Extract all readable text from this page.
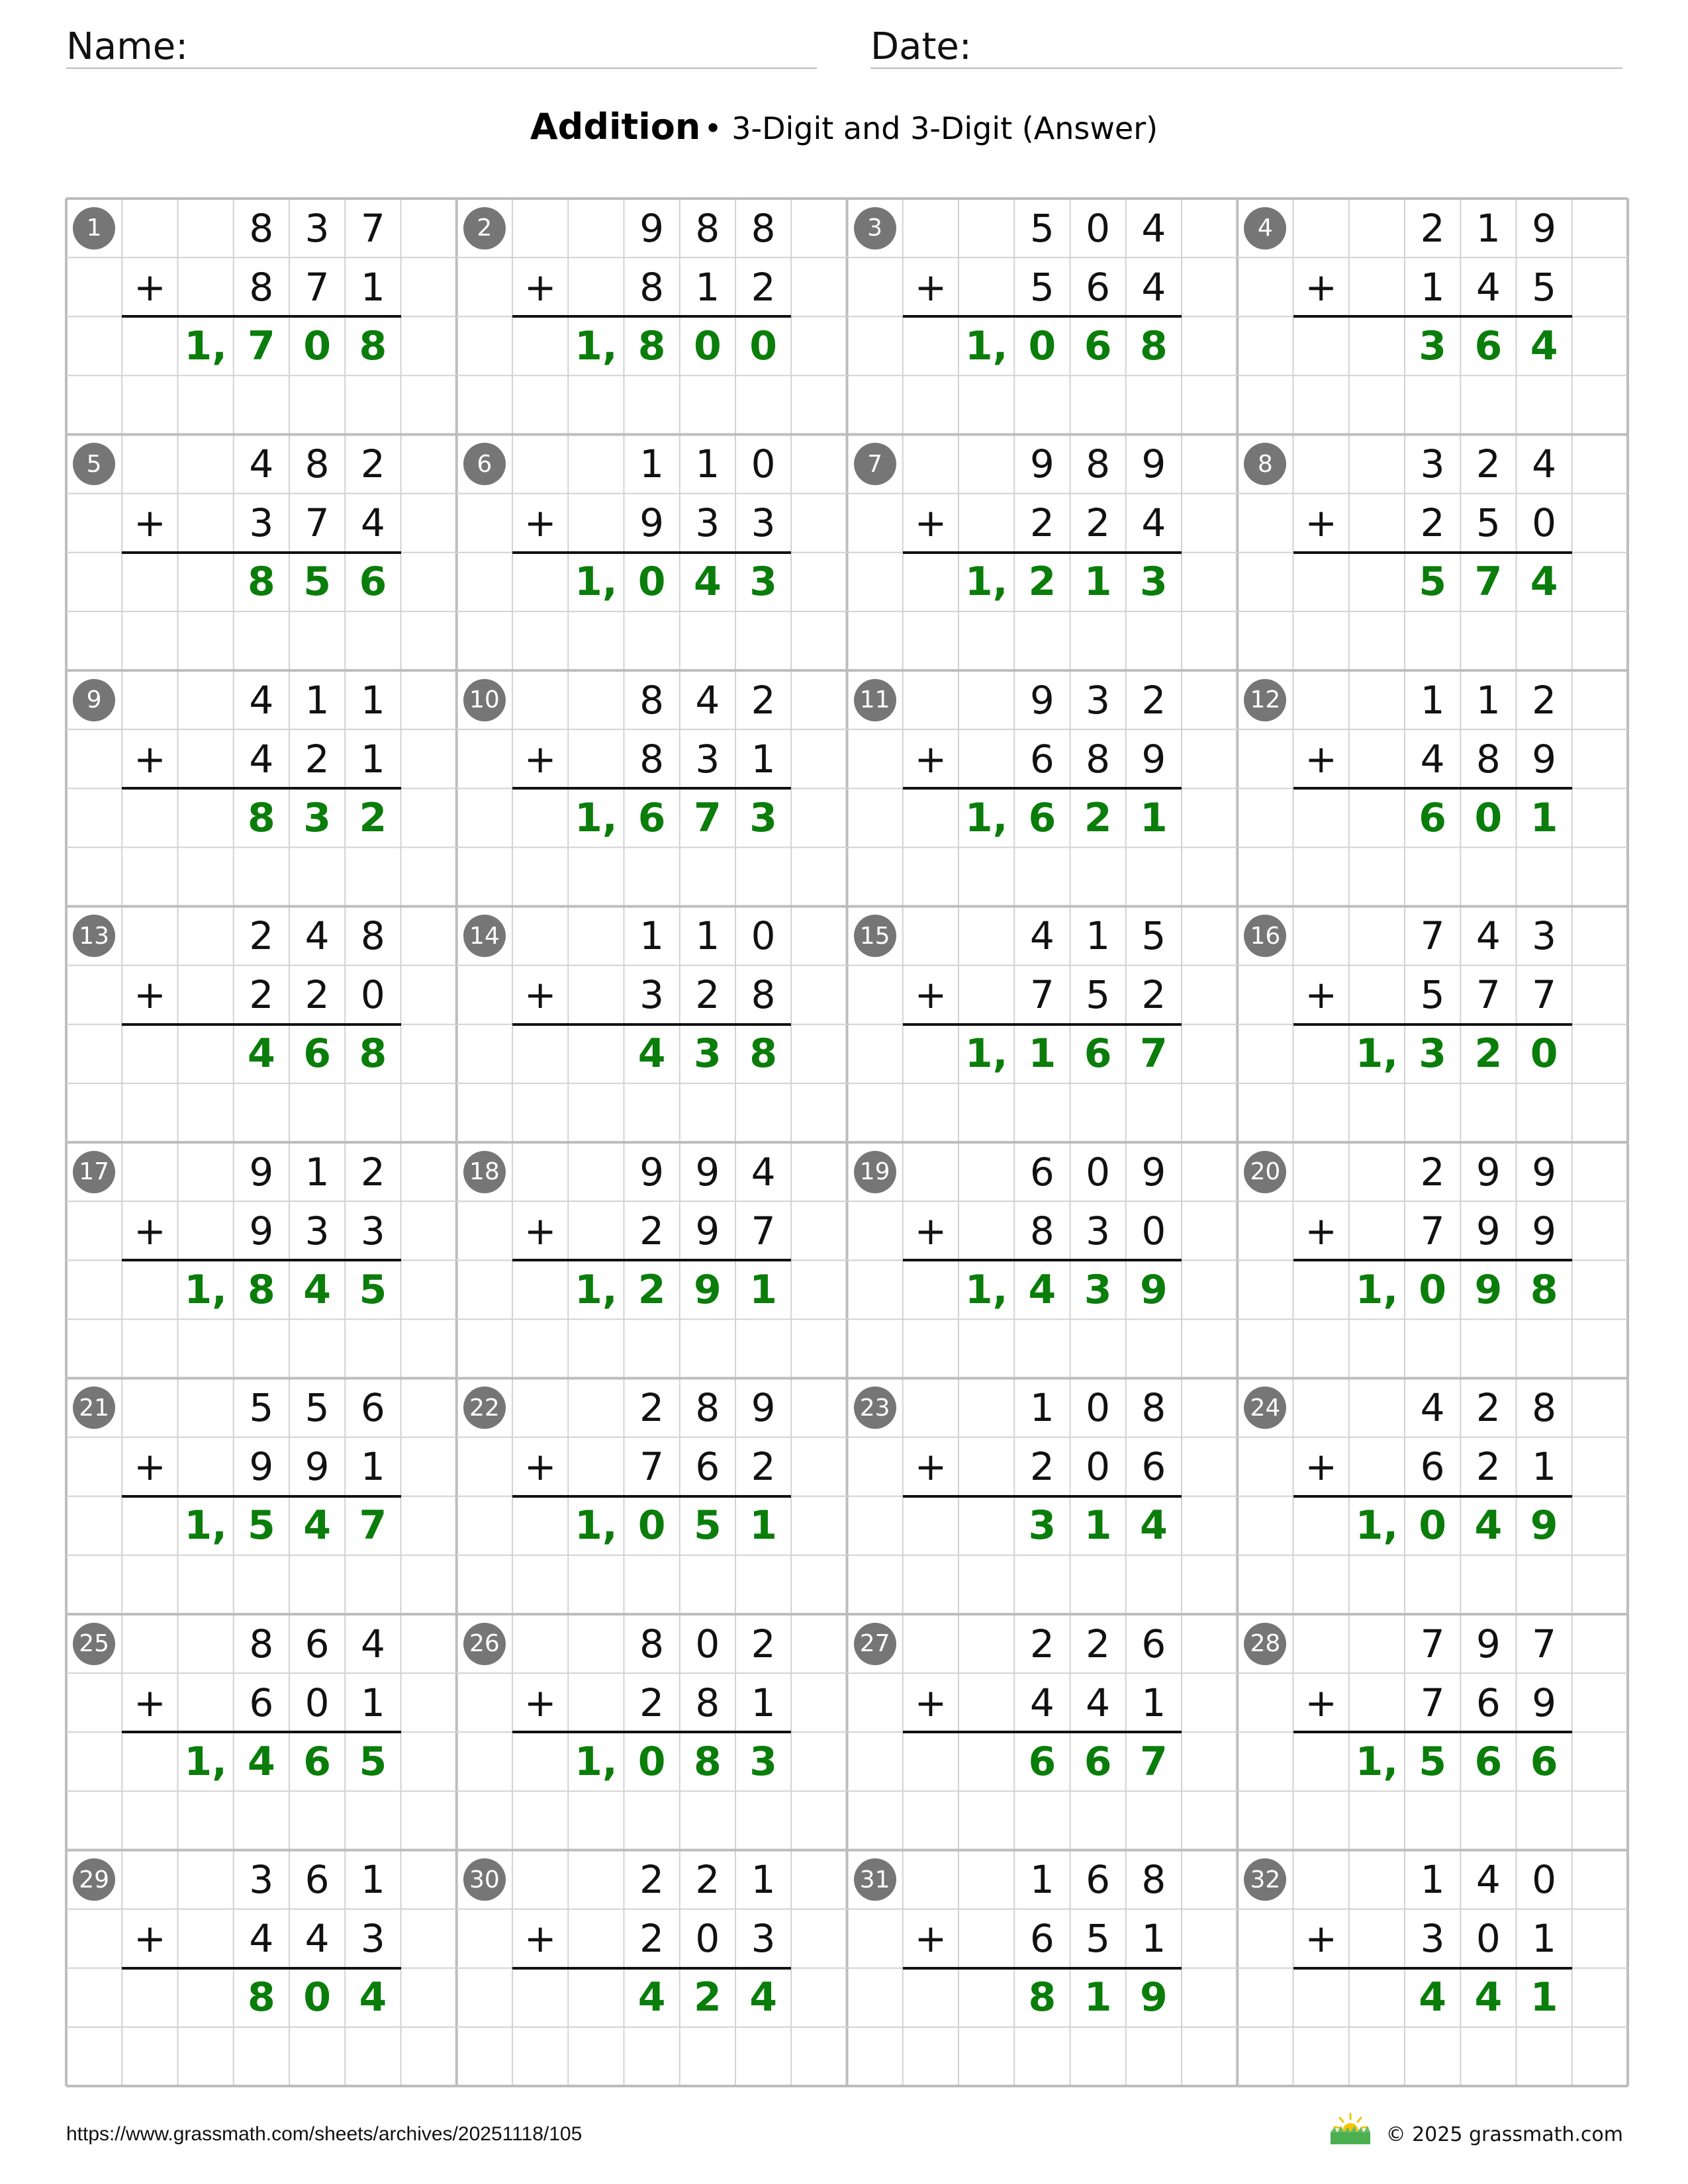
Name:	Date:
Addition • 3-Digit and 3-Digit (Answer)
1	8 3 7
8 7 1
+
1, 7 0 8
2	9 8 8
8 1 2
+
1, 8 0 0
3	5 0 4
5 6 4
+
1, 0 6 8
4	2 1 9
1 4 5
+
3 6 4
5	4 8 2
3 7 4
+
8 5 6
6	1 1 0
9 3 3
+
1, 0 4 3
7	9 8 9
2 2 4
+
1, 2 1 3
8	3 2 4
2 5 0
+
5 7 4
9	4 1 1
4 2 1
+
8 3 2
10	8 4 2
8 3 1
+
1, 6 7 3
11	9 3 2
6 8 9
+
1, 6 2 1
12	1 1 2
4 8 9
+
6 0 1
13	2 4 8
2 2 0
+
4 6 8
14	1 1 0
3 2 8
+
4 3 8
15	4 1 5
7 5 2
+
1, 1 6 7
16	7 4 3
5 7 7
+
1, 3 2 0
17	9 1 2
9 3 3
+
1, 8 4 5
18	9 9 4
2 9 7
+
1, 2 9 1
19	6 0 9
8 3 0
+
1, 4 3 9
20	2 9 9
7 9 9
+
1, 0 9 8
21	5 5 6
9 9 1
+
1, 5 4 7
22	2 8 9
7 6 2
+
1, 0 5 1
23	1 0 8
2 0 6
+
3 1 4
24	4 2 8
6 2 1
+
1, 0 4 9
25	8 6 4
6 0 1
+
1, 4 6 5
26	8 0 2
2 8 1
+
1, 0 8 3
27	2 2 6
4 4 1
+
6 6 7
28	7 9 7
7 6 9
+
1, 5 6 6
29	3 6 1
4 4 3
+
8 0 4
30	2 2 1
2 0 3
+
4 2 4
31	1 6 8
6 5 1
+
8 1 9
32	1 4 0
3 0 1
+
4 4 1
https://www.grassmath.com/sheets/archives/20251118/105	© 2025 grassmath.com
